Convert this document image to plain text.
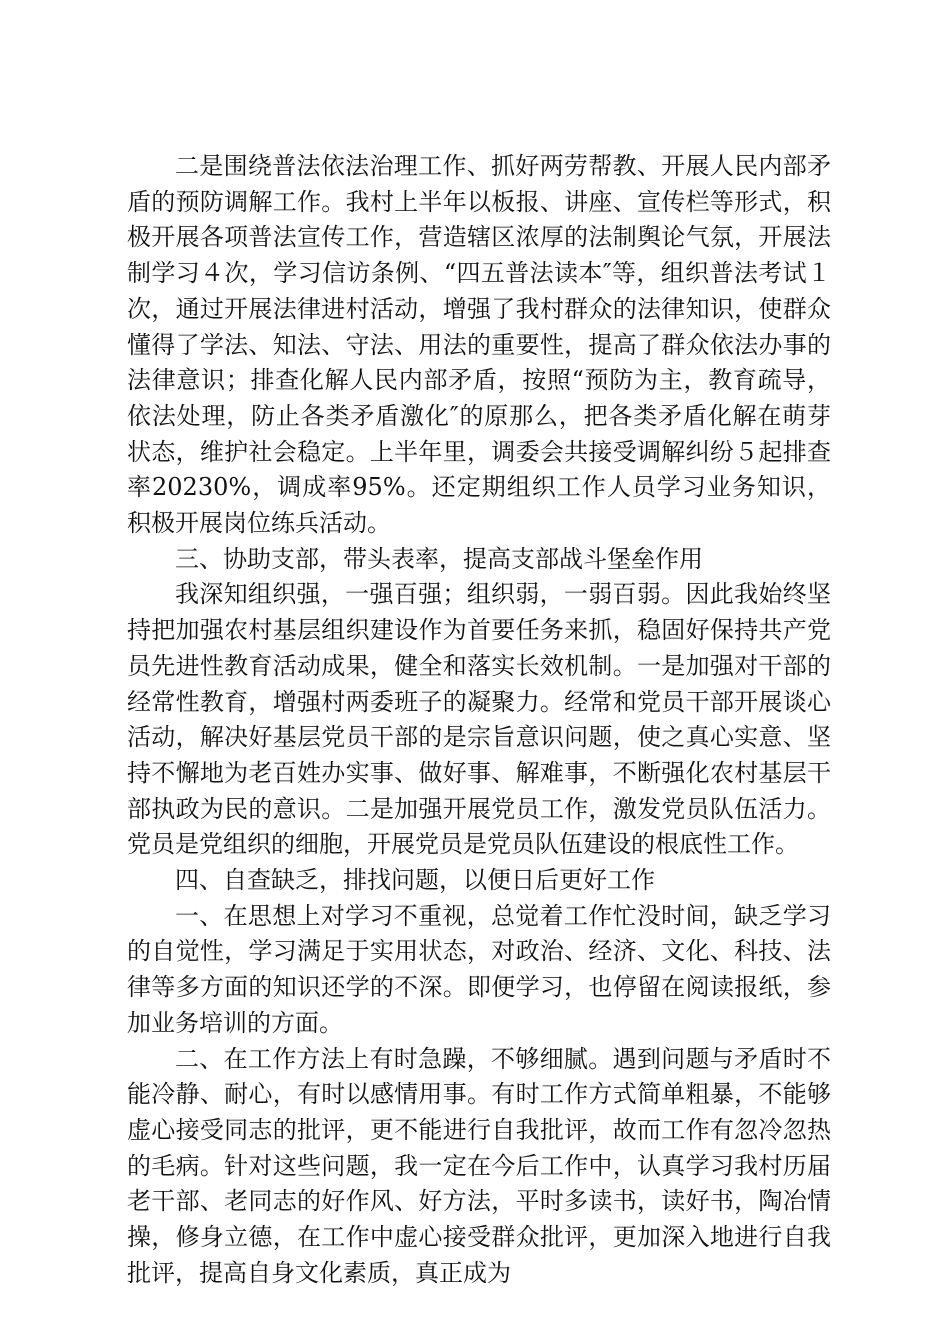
二是围绕普法依法治理工作、抓好两劳帮教、开展人民内部矛盾的预防调解工作。我村上半年以板报、讲座、宣传栏等形式，积极开展各项普法宣传工作，营造辖区浓厚的法制舆论气氛，开展法制学习４次，学习信访条例、“四五普法读本″等，组织普法考试１次，通过开展法律进村活动，增强了我村群众的法律知识，使群众懂得了学法、知法、守法、用法的重要性，提高了群众依法办事的法律意识；排查化解人民内部矛盾，按照“预防为主，教育疏导，依法处理，防止各类矛盾激化″的原那么，把各类矛盾化解在萌芽状态，维护社会稳定。上半年里，调委会共接受调解纠纷５起排查率20230%，调成率95%。还定期组织工作人员学习业务知识，积极开展岗位练兵活动。

三、协助支部，带头表率，提高支部战斗堡垒作用

我深知组织强，一强百强；组织弱，一弱百弱。因此我始终坚持把加强农村基层组织建设作为首要任务来抓，稳固好保持共产党员先进性教育活动成果，健全和落实长效机制。一是加强对干部的经常性教育，增强村两委班子的凝聚力。经常和党员干部开展谈心活动，解决好基层党员干部的是宗旨意识问题，使之真心实意、坚持不懈地为老百姓办实事、做好事、解难事，不断强化农村基层干部执政为民的意识。二是加强开展党员工作，激发党员队伍活力。党员是党组织的细胞，开展党员是党员队伍建设的根底性工作。

四、自查缺乏，排找问题，以便日后更好工作

一、在思想上对学习不重视，总觉着工作忙没时间，缺乏学习的自觉性，学习满足于实用状态，对政治、经济、文化、科技、法律等多方面的知识还学的不深。即便学习，也停留在阅读报纸，参加业务培训的方面。

二、在工作方法上有时急躁，不够细腻。遇到问题与矛盾时不能冷静、耐心，有时以感情用事。有时工作方式简单粗暴，不能够虚心接受同志的批评，更不能进行自我批评，故而工作有忽冷忽热的毛病。针对这些问题，我一定在今后工作中，认真学习我村历届老干部、老同志的好作风、好方法，平时多读书，读好书，陶冶情操，修身立德，在工作中虚心接受群众批评，更加深入地进行自我批评，提高自身文化素质，真正成为
